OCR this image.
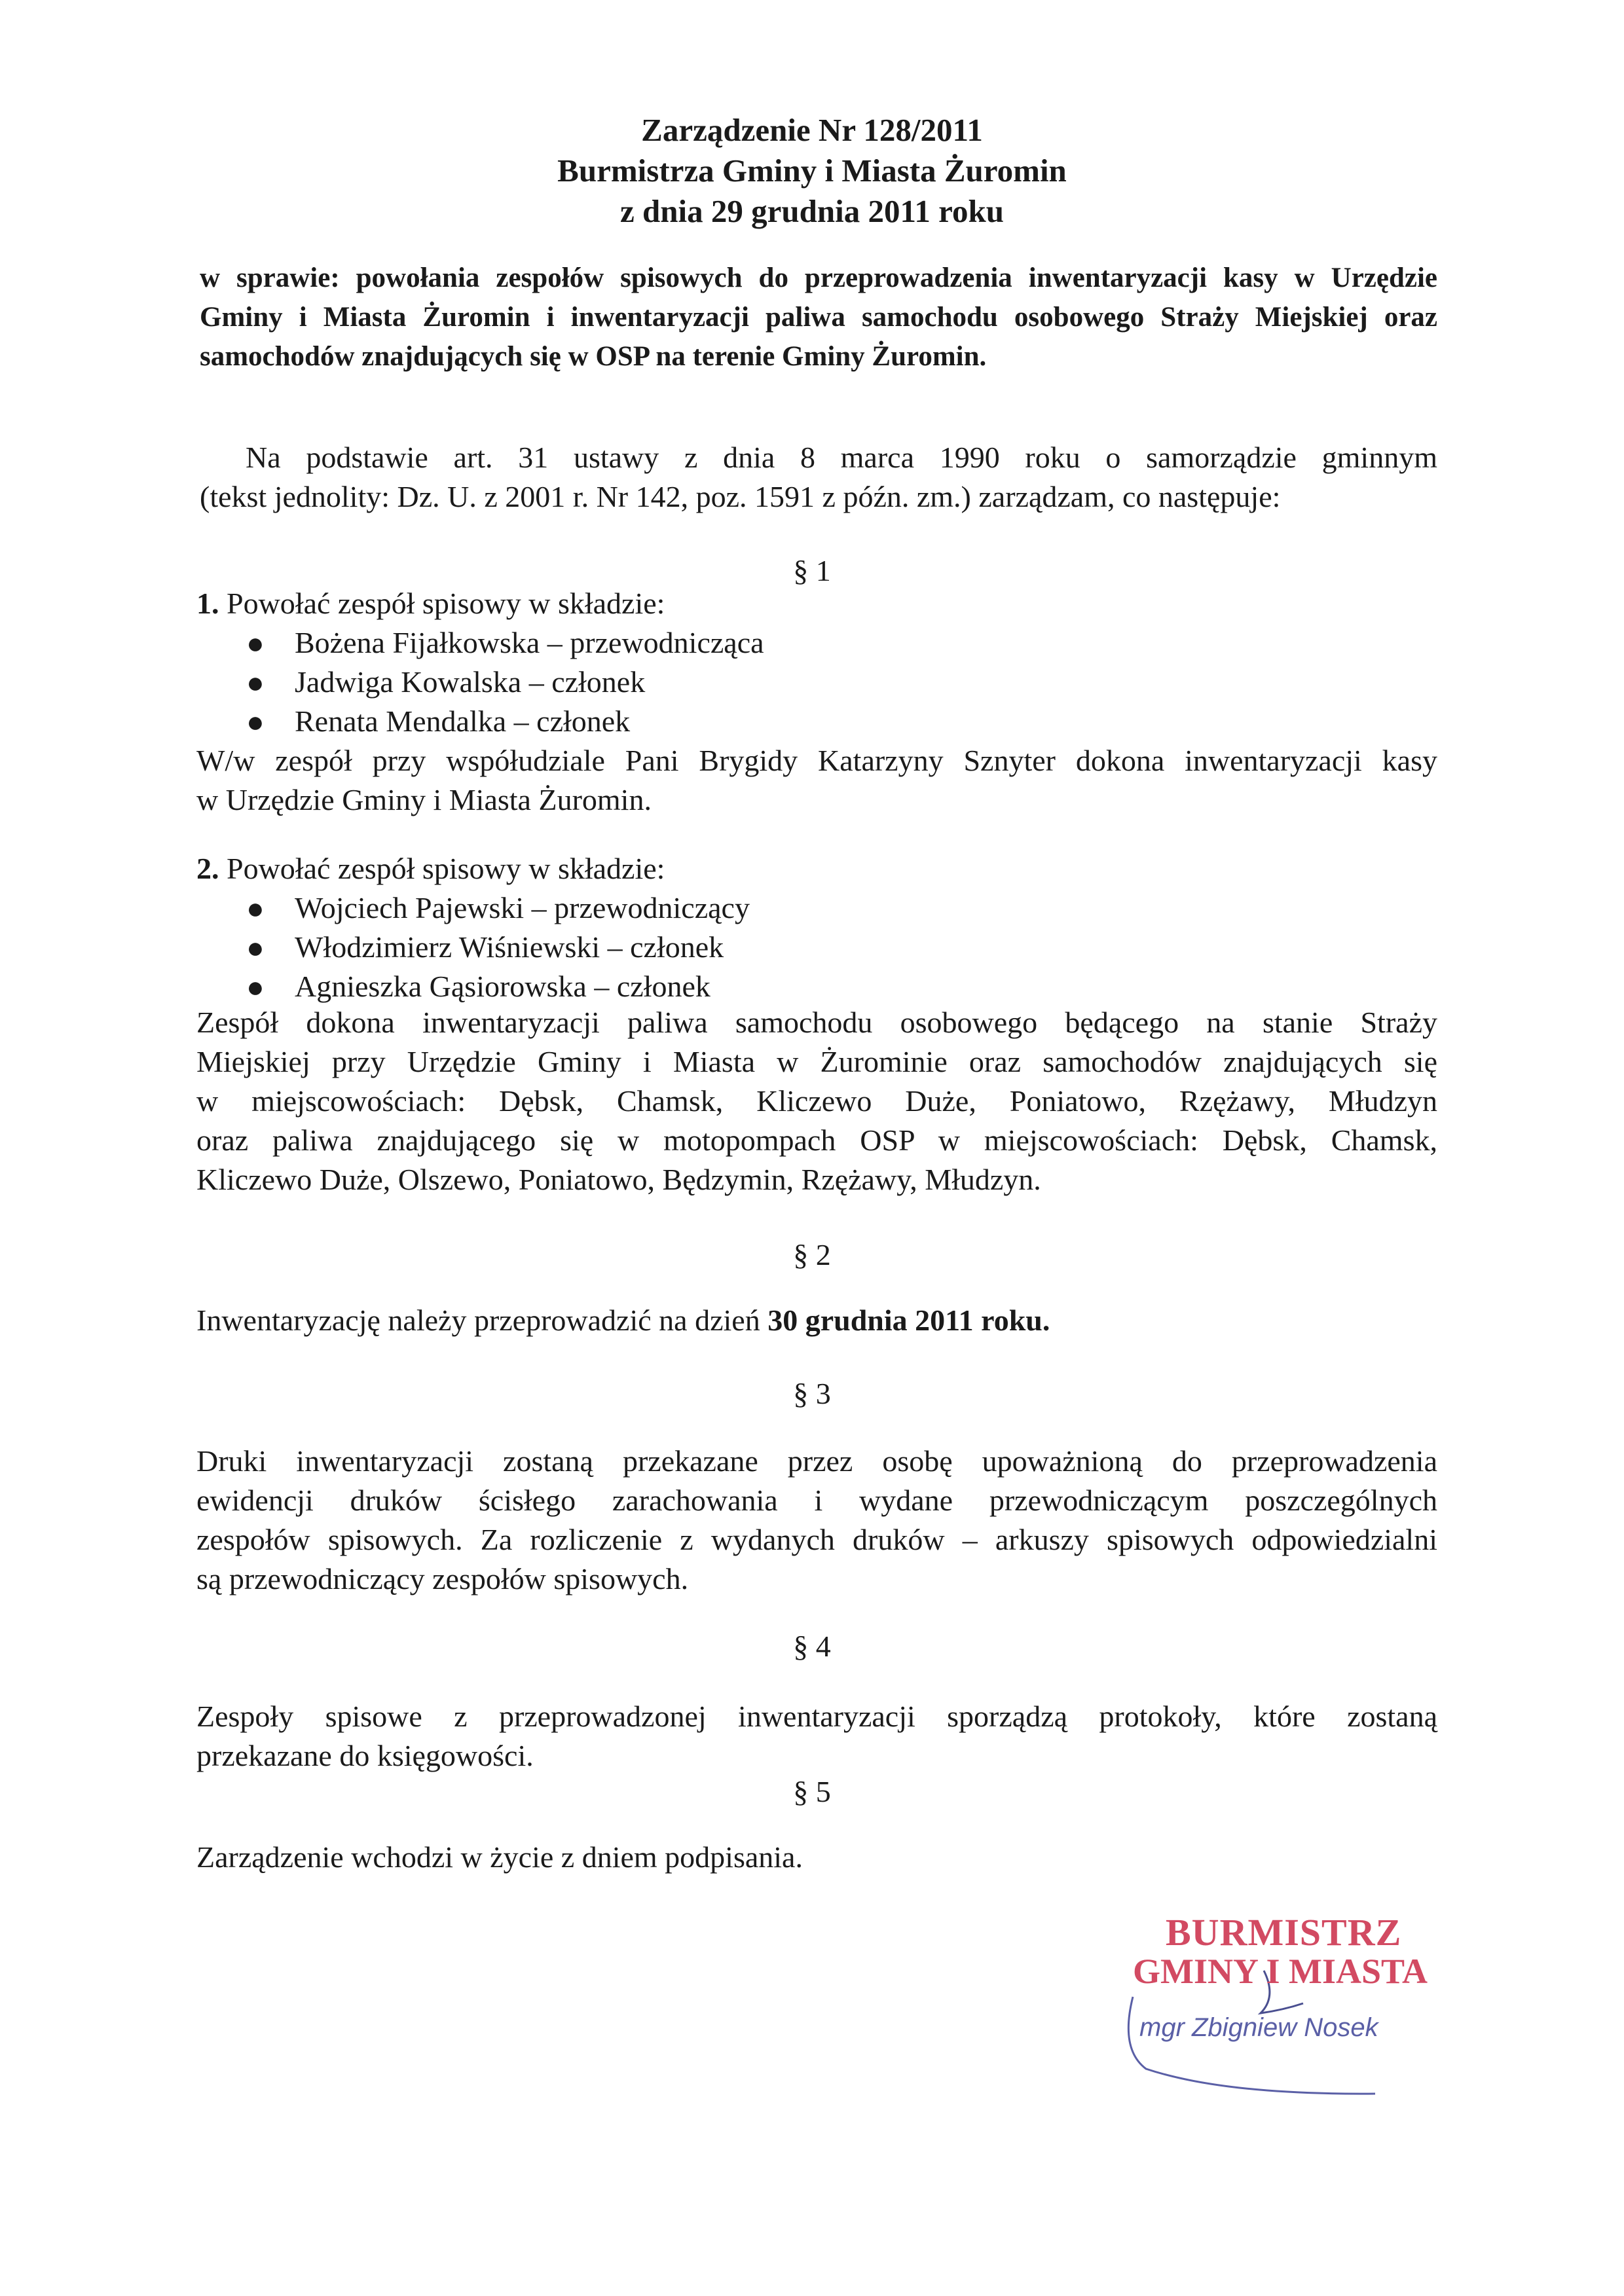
Zarządzenie Nr 128/2011
Burmistrza Gminy i Miasta Żuromin
z dnia 29 grudnia 2011 roku
w sprawie: powołania zespołów spisowych do przeprowadzenia inwentaryzacji kasy w Urzędzie
Gminy i Miasta Żuromin i inwentaryzacji paliwa samochodu osobowego Straży Miejskiej oraz
samochodów znajdujących się w OSP na terenie Gminy Żuromin.
Na podstawie art. 31 ustawy z dnia 8 marca 1990 roku o samorządzie gminnym
(tekst jednolity: Dz. U. z 2001 r. Nr 142, poz. 1591 z późn. zm.) zarządzam, co następuje:
§ 1
1. Powołać zespół spisowy w składzie:
● Bożena Fijałkowska – przewodnicząca
● Jadwiga Kowalska – członek
● Renata Mendalka – członek
W/w zespół przy współudziale Pani Brygidy Katarzyny Sznyter dokona inwentaryzacji kasy
w Urzędzie Gminy i Miasta Żuromin.
2. Powołać zespół spisowy w składzie:
● Wojciech Pajewski – przewodniczący
● Włodzimierz Wiśniewski – członek
● Agnieszka Gąsiorowska – członek
Zespół dokona inwentaryzacji paliwa samochodu osobowego będącego na stanie Straży
Miejskiej przy Urzędzie Gminy i Miasta w Żurominie oraz samochodów znajdujących się
w miejscowościach: Dębsk, Chamsk, Kliczewo Duże, Poniatowo, Rzężawy, Młudzyn
oraz paliwa znajdującego się w motopompach OSP w miejscowościach: Dębsk, Chamsk,
Kliczewo Duże, Olszewo, Poniatowo, Będzymin, Rzężawy, Młudzyn.
§ 2
Inwentaryzację należy przeprowadzić na dzień 30 grudnia 2011 roku.
§ 3
Druki inwentaryzacji zostaną przekazane przez osobę upoważnioną do przeprowadzenia
ewidencji druków ścisłego zarachowania i wydane przewodniczącym poszczególnych
zespołów spisowych. Za rozliczenie z wydanych druków – arkuszy spisowych odpowiedzialni
są przewodniczący zespołów spisowych.
§ 4
Zespoły spisowe z przeprowadzonej inwentaryzacji sporządzą protokoły, które zostaną
przekazane do księgowości.
§ 5
Zarządzenie wchodzi w życie z dniem podpisania.
BURMISTRZ
GMINY I MIASTA
mgr Zbigniew Nosek
